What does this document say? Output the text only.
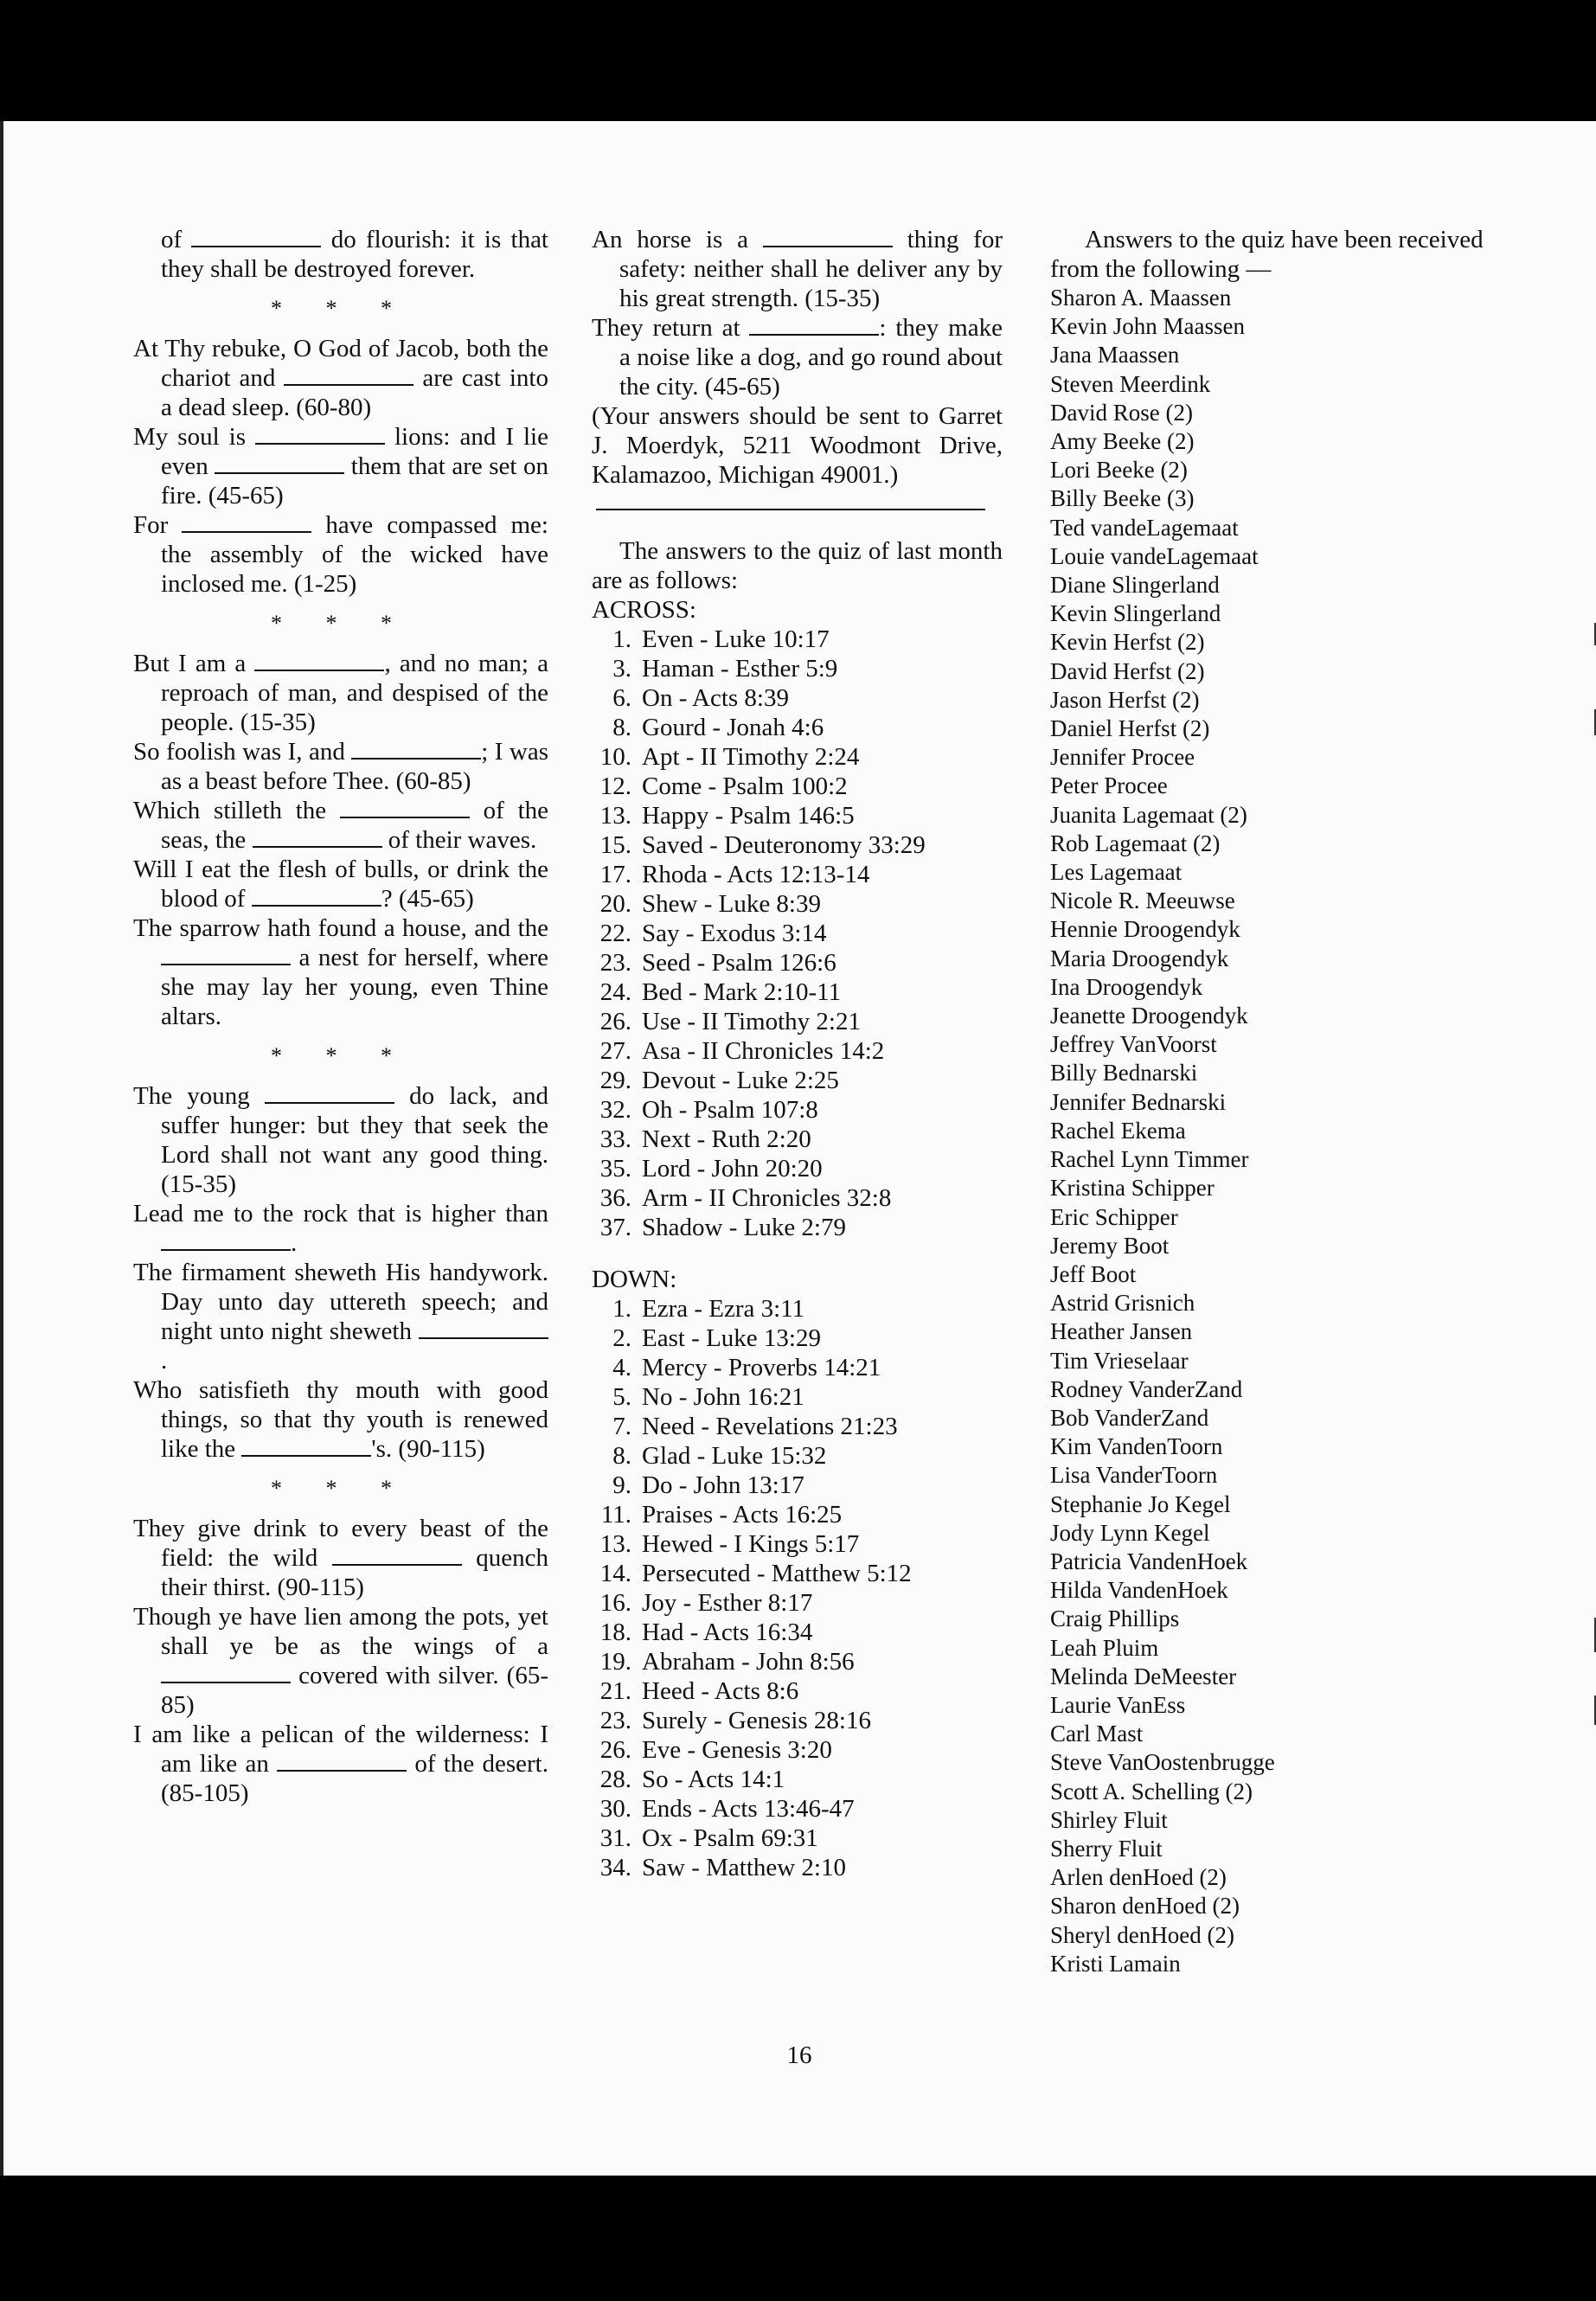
of	do flourish: it is that they shall be destroyed forever.

* * *

At Thy rebuke, O God of Jacob, both the chariot and	are cast into a dead sleep. (60-80)

My soul is	lions: and I lie even	them that are set on fire. (45-65)

For	have compassed me: the assembly of the wicked have inclosed me. (1-25)

* * *

But I am a	, and no man; a reproach of man, and despised of the people. (15-35)

So foolish was I, and	; I was as a beast before Thee. (60-85)

Which stilleth the	of the seas, the	of their waves.

Will I eat the flesh of bulls, or drink the blood of	? (45-65)

The sparrow hath found a house, and the  a nest for herself, where she may lay her young, even Thine altars.

* * *

The young	do lack, and suffer hunger: but they that seek the Lord shall not want any good thing. (15-35)

Lead me to the rock that is higher than .

The firmament sheweth His handywork. Day unto day uttereth speech; and night unto night sheweth .

Who satisfieth thy mouth with good things, so that thy youth is renewed like the	's. (90-115)

* * *

They give drink to every beast of the field: the wild	quench their thirst. (90-115)

Though ye have lien among the pots, yet shall ye be as the wings of a  covered with silver. (65-85)

I am like a pelican of the wilderness: I am like an	of the desert. (85-105)

An horse is a	thing for safety: neither shall he deliver any by his great strength. (15-35)

They return at	: they make a noise like a dog, and go round about the city. (45-65)

(Your answers should be sent to Garret J. Moerdyk, 5211 Woodmont Drive, Kalamazoo, Michigan 49001.)

The answers to the quiz of last month are as follows:

ACROSS:
1. Even - Luke 10:17
3. Haman - Esther 5:9
6. On - Acts 8:39
8. Gourd - Jonah 4:6
10. Apt - II Timothy 2:24
12. Come - Psalm 100:2
13. Happy - Psalm 146:5
15. Saved - Deuteronomy 33:29
17. Rhoda - Acts 12:13-14
20. Shew - Luke 8:39
22. Say - Exodus 3:14
23. Seed - Psalm 126:6
24. Bed - Mark 2:10-11
26. Use - II Timothy 2:21
27. Asa - II Chronicles 14:2
29. Devout - Luke 2:25
32. Oh - Psalm 107:8
33. Next - Ruth 2:20
35. Lord - John 20:20
36. Arm - II Chronicles 32:8
37. Shadow - Luke 2:79
DOWN:
1. Ezra - Ezra 3:11
2. East - Luke 13:29
4. Mercy - Proverbs 14:21
5. No - John 16:21
7. Need - Revelations 21:23
8. Glad - Luke 15:32
9. Do - John 13:17
11. Praises - Acts 16:25
13. Hewed - I Kings 5:17
14. Persecuted - Matthew 5:12
16. Joy - Esther 8:17
18. Had - Acts 16:34
19. Abraham - John 8:56
21. Heed - Acts 8:6
23. Surely - Genesis 28:16
26. Eve - Genesis 3:20
28. So - Acts 14:1
30. Ends - Acts 13:46-47
31. Ox - Psalm 69:31
34. Saw - Matthew 2:10

Answers to the quiz have been received from the following —

Sharon A. Maassen
Kevin John Maassen
Jana Maassen
Steven Meerdink
David Rose (2)
Amy Beeke (2)
Lori Beeke (2)
Billy Beeke (3)
Ted vandeLagemaat
Louie vandeLagemaat
Diane Slingerland
Kevin Slingerland
Kevin Herfst (2)
David Herfst (2)
Jason Herfst (2)
Daniel Herfst (2)
Jennifer Procee
Peter Procee
Juanita Lagemaat (2)
Rob Lagemaat (2)
Les Lagemaat
Nicole R. Meeuwse
Hennie Droogendyk
Maria Droogendyk
Ina Droogendyk
Jeanette Droogendyk
Jeffrey VanVoorst
Billy Bednarski
Jennifer Bednarski
Rachel Ekema
Rachel Lynn Timmer
Kristina Schipper
Eric Schipper
Jeremy Boot
Jeff Boot
Astrid Grisnich
Heather Jansen
Tim Vrieselaar
Rodney VanderZand
Bob VanderZand
Kim VandenToorn
Lisa VanderToorn
Stephanie Jo Kegel
Jody Lynn Kegel
Patricia VandenHoek
Hilda VandenHoek
Craig Phillips
Leah Pluim
Melinda DeMeester
Laurie VanEss
Carl Mast
Steve VanOostenbrugge
Scott A. Schelling (2)
Shirley Fluit
Sherry Fluit
Arlen denHoed (2)
Sharon denHoed (2)
Sheryl denHoed (2)
Kristi Lamain
16
